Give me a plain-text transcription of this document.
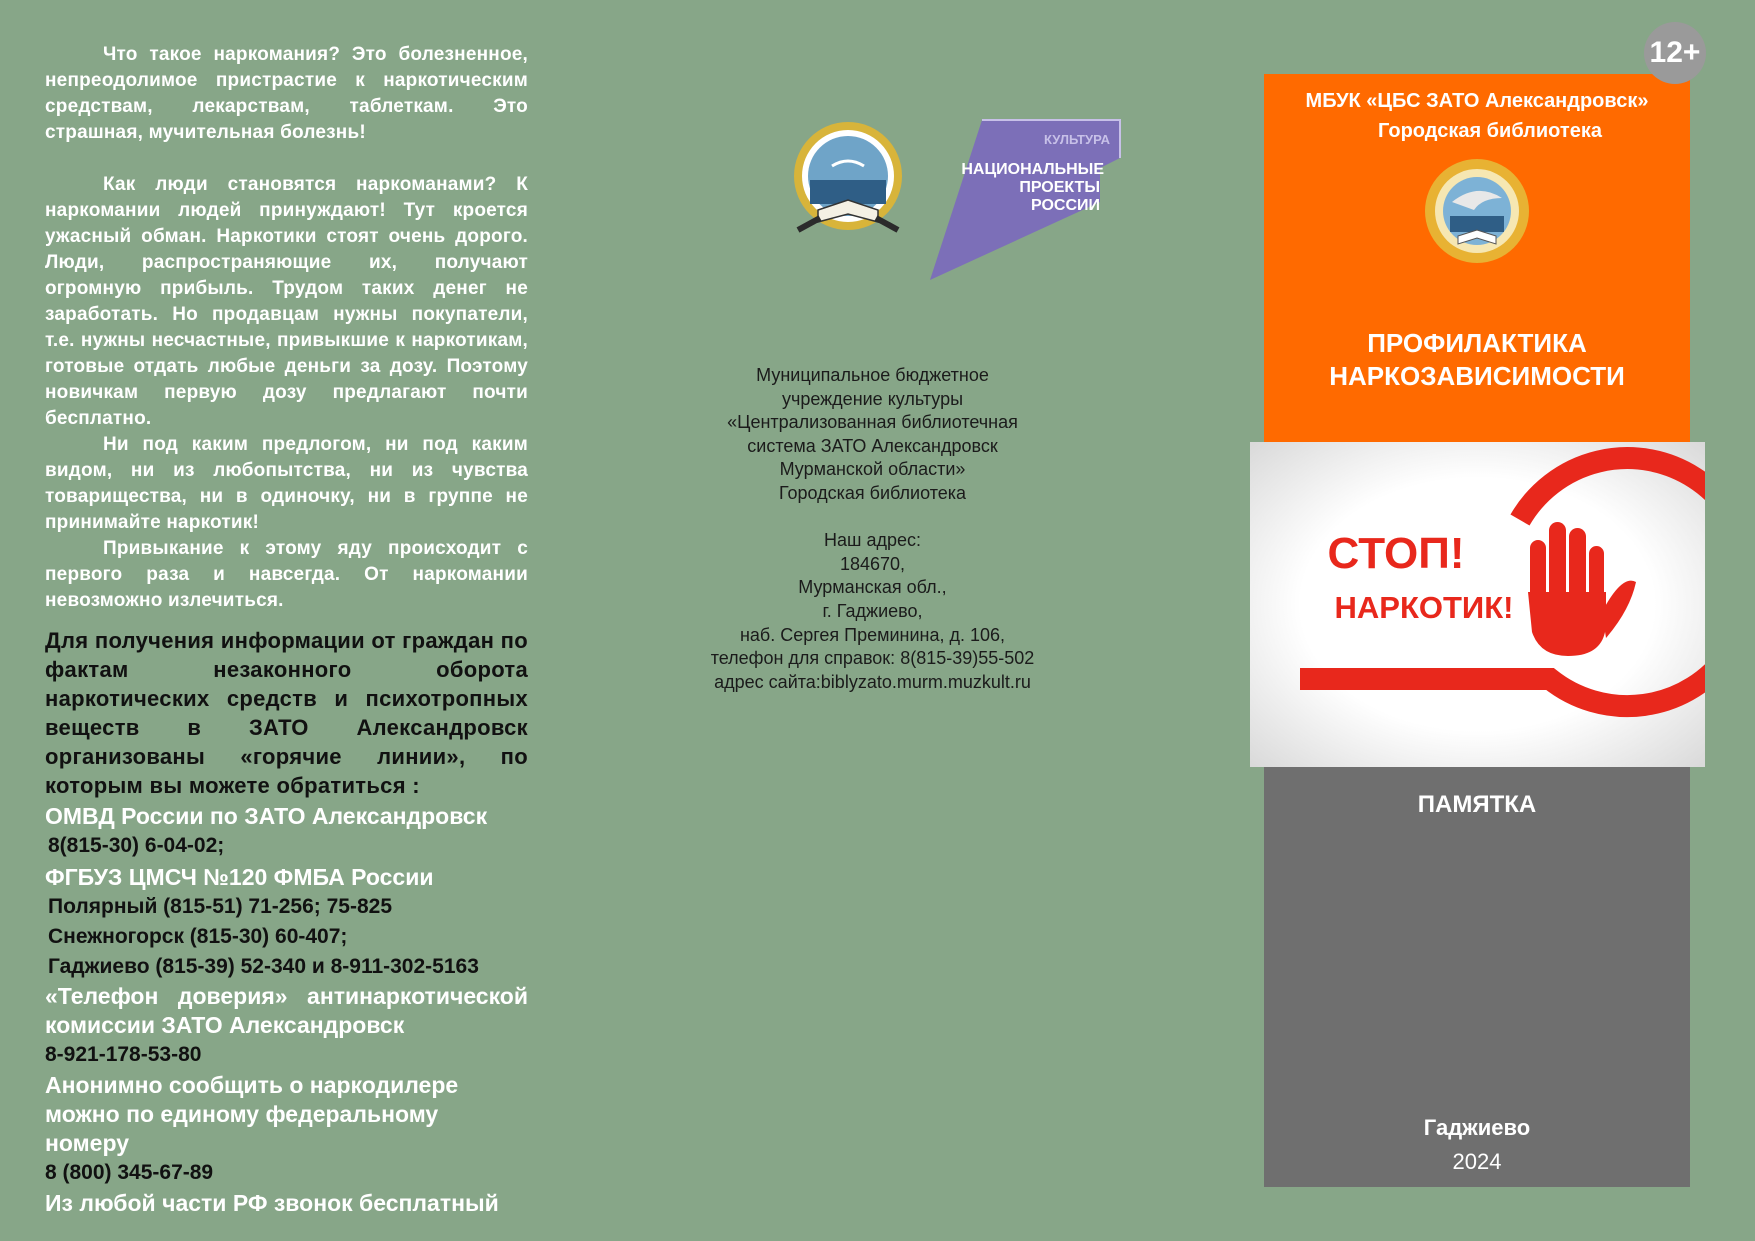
Что такое наркомания? Это болезненное, непреодолимое пристрастие к наркотическим средствам, лекарствам, таблеткам. Это страшная, мучительная болезнь!

Как люди становятся наркоманами? К наркомании людей принуждают! Тут кроется ужасный обман. Наркотики стоят очень дорого. Люди, распространяющие их, получают огромную прибыль. Трудом таких денег не заработать. Но продавцам нужны покупатели, т.е. нужны несчастные, привыкшие к наркотикам, готовые отдать любые деньги за дозу. Поэтому новичкам первую дозу предлагают почти бесплатно.

Ни под каким предлогом, ни под каким видом, ни из любопытства, ни из чувства товарищества, ни в одиночку, ни в группе не принимайте наркотик!

Привыкание к этому яду происходит с первого раза и навсегда. От наркомании невозможно излечиться.

Для получения информации от граждан по фактам незаконного оборота наркотических средств и психотропных веществ в ЗАТО Александровск организованы «горячие линии», по которым вы можете обратиться :

ОМВД России по ЗАТО Александровск
8(815-30) 6-04-02;
ФГБУЗ ЦМСЧ №120 ФМБА России
Полярный (815-51) 71-256; 75-825
Снежногорск (815-30) 60-407;
Гаджиево (815-39) 52-340 и 8-911-302-5163
«Телефон доверия» антинаркотической комиссии ЗАТО Александровск
8-921-178-53-80
Анонимно сообщить о наркодилере можно по единому федеральному номеру
8 (800) 345-67-89
Из любой части РФ звонок бесплатный
КУЛЬТУРА
НАЦИОНАЛЬНЫЕ
ПРОЕКТЫ
РОССИИ
Муниципальное бюджетное
учреждение культуры
«Централизованная библиотечная
система ЗАТО Александровск
Мурманской области»
Городская библиотека
Наш адрес:
184670,
Мурманская обл.,
г. Гаджиево,
наб. Сергея Преминина, д. 106,
телефон для справок: 8(815-39)55-502
адрес сайта:biblyzato.murm.muzkult.ru
МБУК «ЦБС ЗАТО Александровск»
Городская библиотека
ПРОФИЛАКТИКА
НАРКОЗАВИСИМОСТИ
СТОП!
НАРКОТИК!
ПАМЯТКА
Гаджиево
2024
12+
